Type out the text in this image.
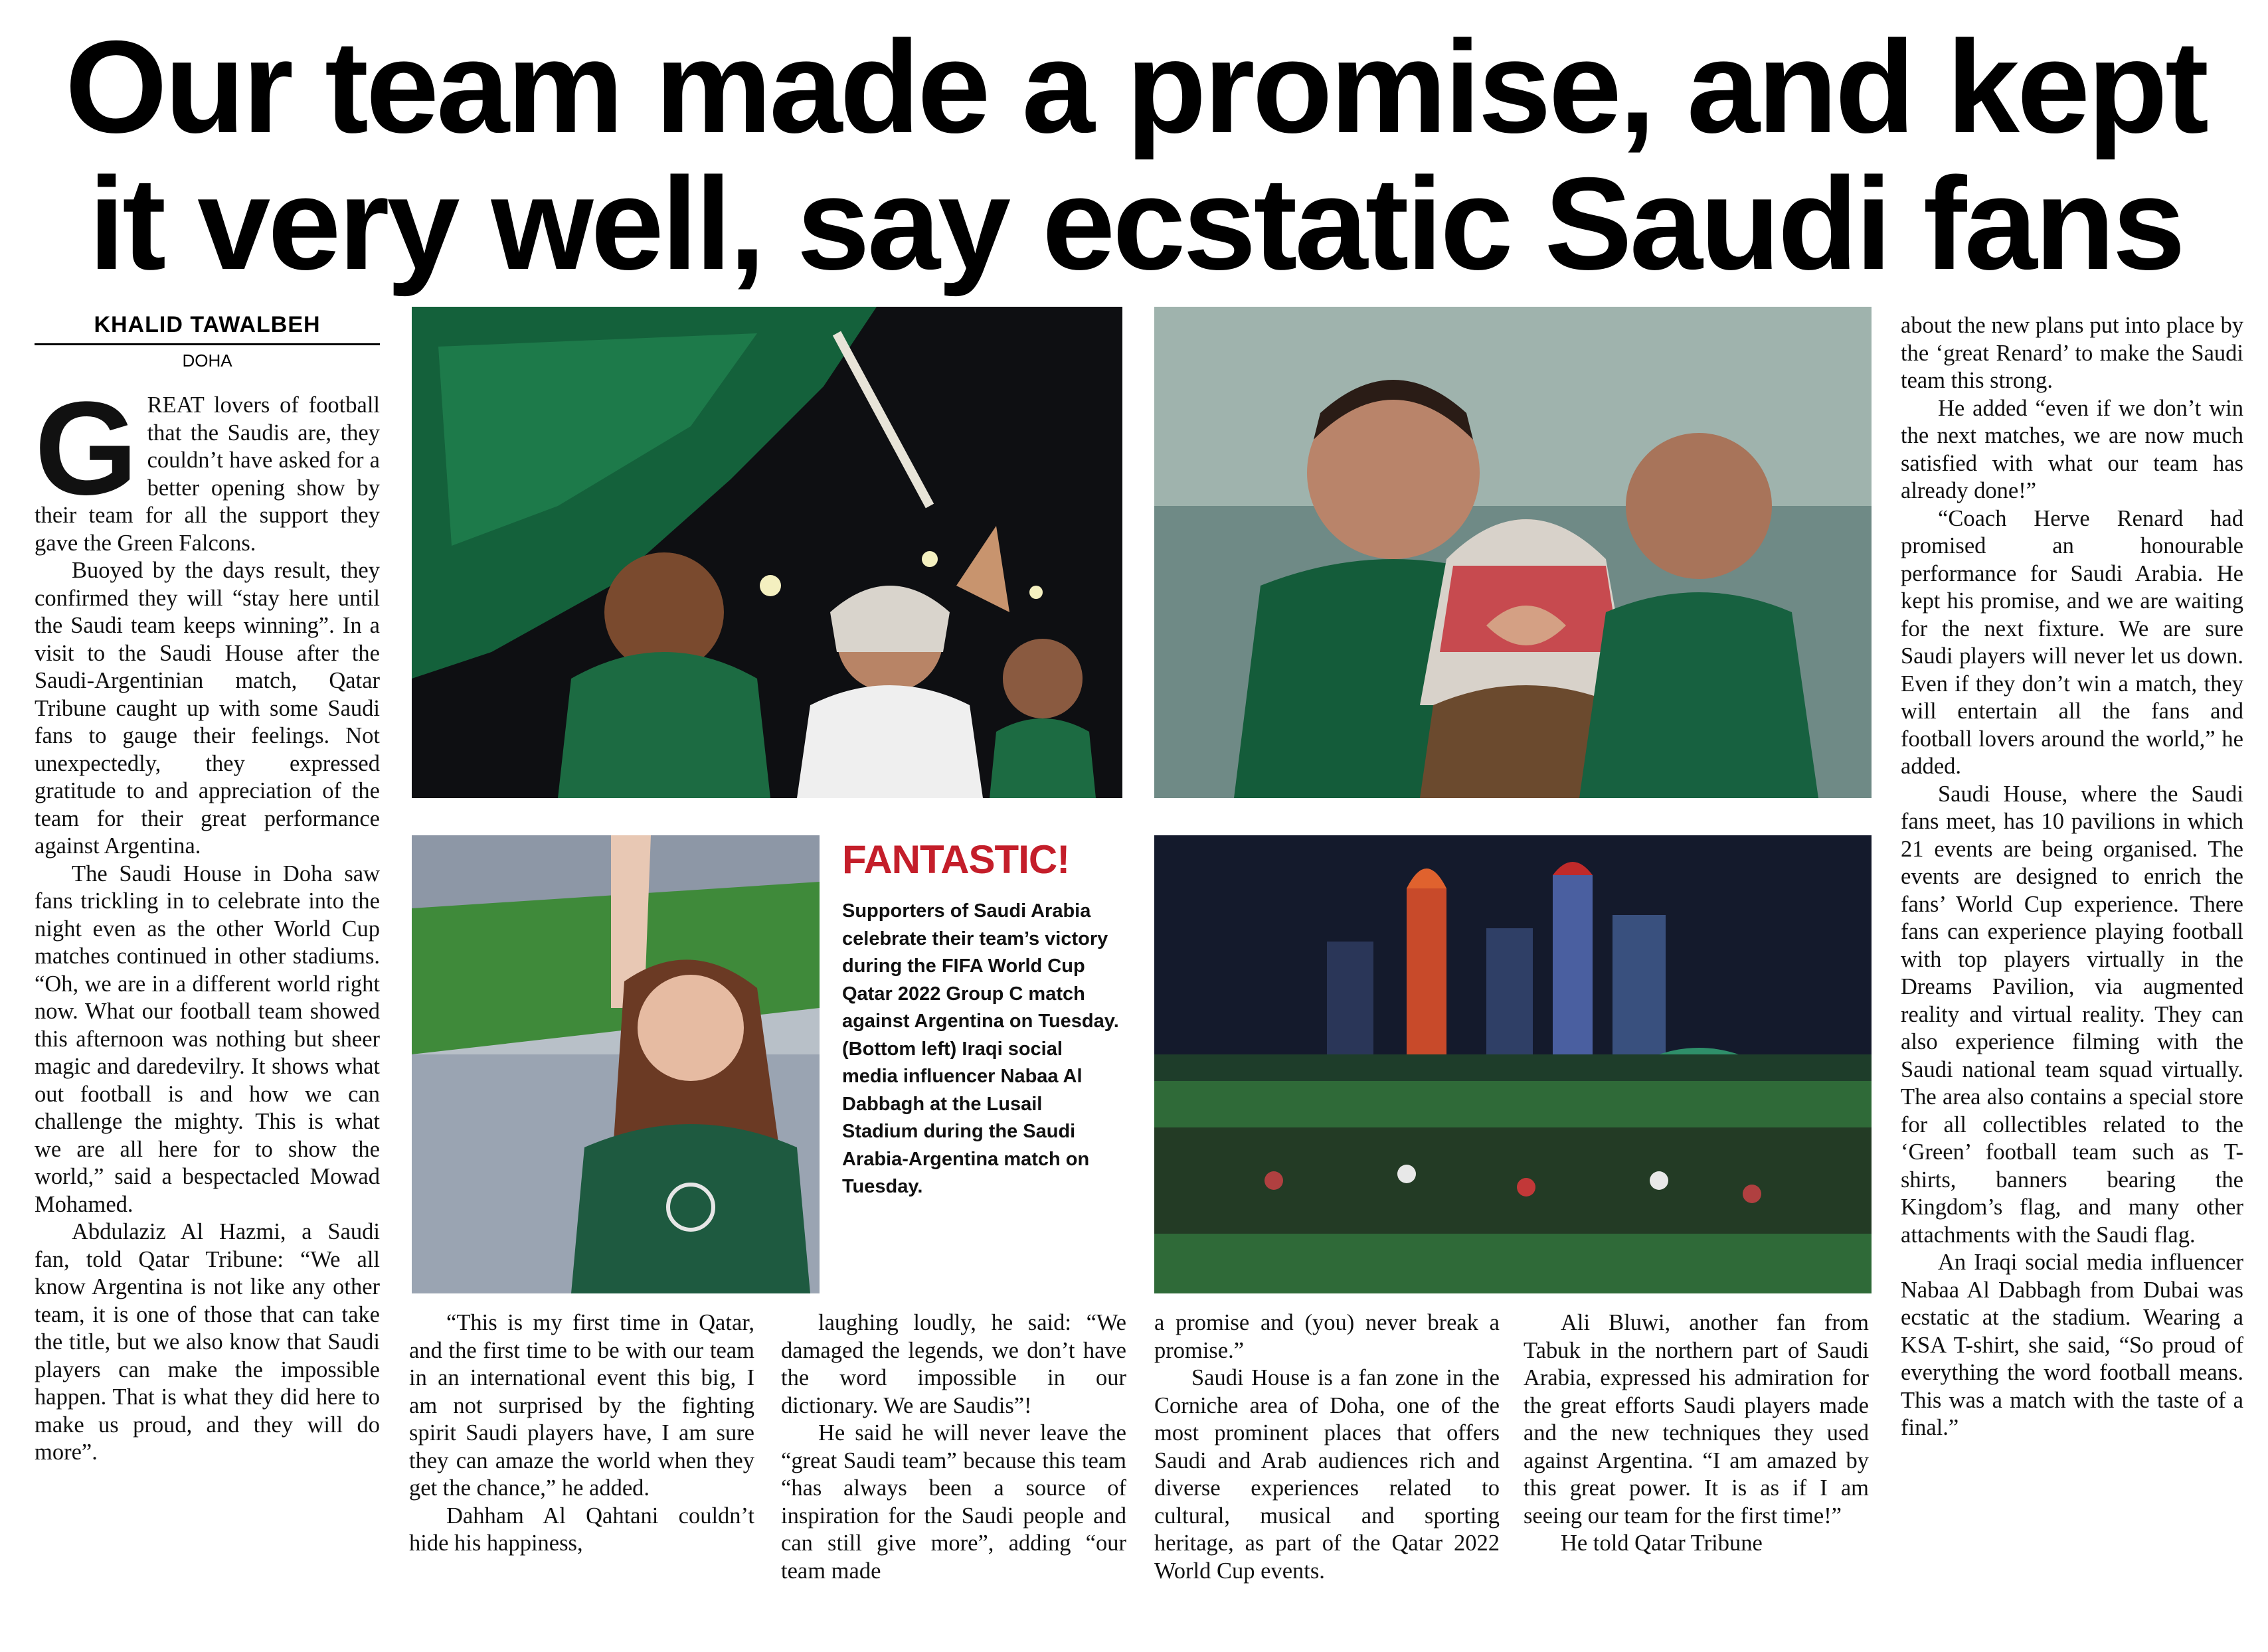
Our team made a promise, and kept it very well, say ecstatic Saudi fans
KHALID TAWALBEH
DOHA

GREAT lovers of football that the Saudis are, they couldn’t have asked for a better opening show by their team for all the support they gave the Green Falcons.

Buoyed by the days result, they confirmed they will “stay here until the Saudi team keeps winning”. In a visit to the Saudi House after the Saudi-Argentinian match, Qatar Tribune caught up with some Saudi fans to gauge their feelings. Not unexpectedly, they expressed gratitude to and appreciation of the team for their great performance against Argentina.

The Saudi House in Doha saw fans trickling in to celebrate into the night even as the other World Cup matches continued in other stadiums. “Oh, we are in a different world right now. What our football team showed this afternoon was nothing but sheer magic and daredevilry. It shows what out football is and how we can challenge the mighty. This is what we are all here for to show the world,” said a bespectacled Mowad Mohamed.

Abdulaziz Al Hazmi, a Saudi fan, told Qatar Tribune: “We all know Argentina is not like any other team, it is one of those that can take the title, but we also know that Saudi players can make the impossible happen. That is what they did here to make us proud, and they will do more”.

FANTASTIC!
Supporters of Saudi Arabia celebrate their team’s victory during the FIFA World Cup Qatar 2022 Group C match against Argentina on Tuesday. (Bottom left) Iraqi social media influencer Nabaa Al Dabbagh at the Lusail Stadium during the Saudi Arabia-Argentina match on Tuesday.

“This is my first time in Qatar, and the first time to be with our team in an international event this big, I am not surprised by the fighting spirit Saudi players have, I am sure they can amaze the world when they get the chance,” he added.

Dahham Al Qahtani couldn’t hide his happiness,

laughing loudly, he said: “We damaged the legends, we don’t have the word impossible in our dictionary. We are Saudis”!

He said he will never leave the “great Saudi team” because this team “has always been a source of inspiration for the Saudi people and can still give more”, adding “our team made

a promise and (you) never break a promise.”

Saudi House is a fan zone in the Corniche area of Doha, one of the most prominent places that offers Saudi and Arab audiences rich and diverse experiences related to cultural, musical and sporting heritage, as part of the Qatar 2022 World Cup events.

Ali Bluwi, another fan from Tabuk in the northern part of Saudi Arabia, expressed his admiration for the great efforts Saudi players made and the new techniques they used against Argentina. “I am amazed by this great power. It is as if I am seeing our team for the first time!”

He told Qatar Tribune

about the new plans put into place by the ‘great Renard’ to make the Saudi team this strong.

He added “even if we don’t win the next matches, we are now much satisfied with what our team has already done!”

“Coach Herve Renard had promised an honourable performance for Saudi Arabia. He kept his promise, and we are waiting for the next fixture. We are sure Saudi players will never let us down. Even if they don’t win a match, they will entertain all the fans and football lovers around the world,” he added.

Saudi House, where the Saudi fans meet, has 10 pavilions in which 21 events are being organised. The events are designed to enrich the fans’ World Cup experience. There fans can experience playing football with top players virtually in the Dreams Pavilion, via augmented reality and virtual reality. They can also experience filming with the Saudi national team squad virtually. The area also contains a special store for all collectibles related to the ‘Green’ football team such as T-shirts, banners bearing the Kingdom’s flag, and many other attachments with the Saudi flag.

An Iraqi social media influencer Nabaa Al Dabbagh from Dubai was ecstatic at the stadium. Wearing a KSA T-shirt, she said, “So proud of everything the word football means. This was a match with the taste of a final.”
